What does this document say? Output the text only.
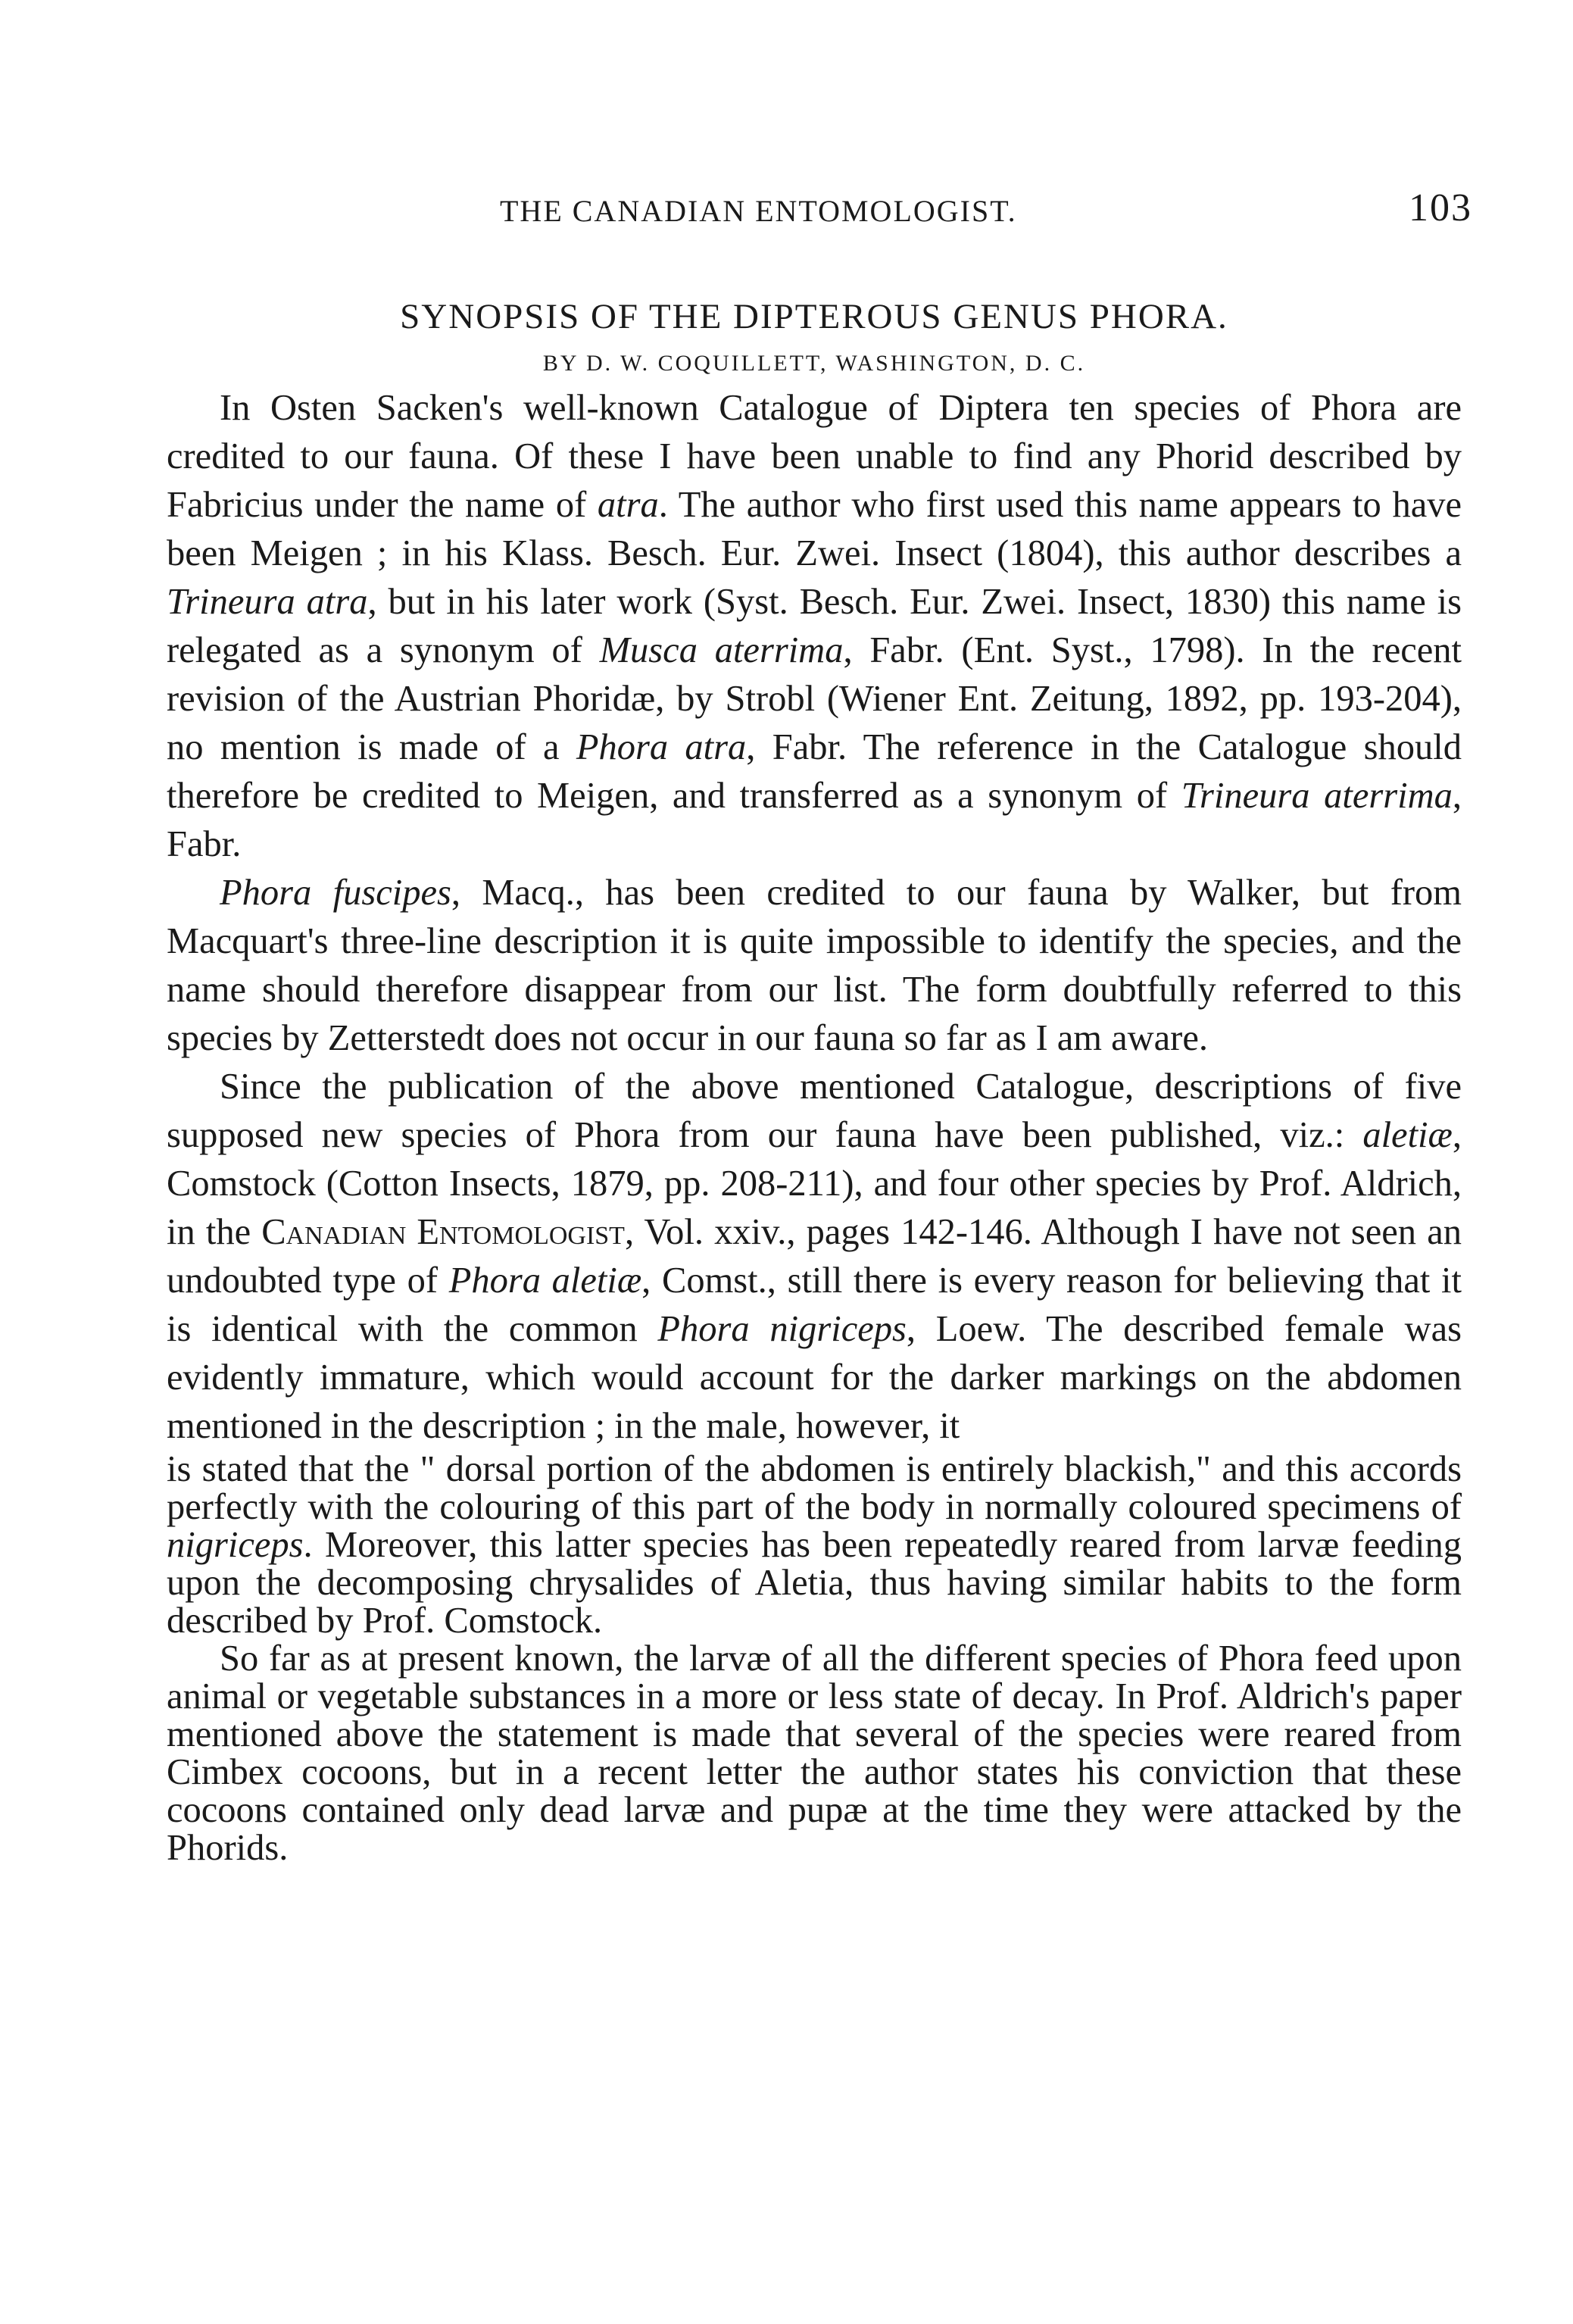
THE CANADIAN ENTOMOLOGIST.	103
SYNOPSIS OF THE DIPTEROUS GENUS PHORA.
BY D. W. COQUILLETT, WASHINGTON, D. C.

In Osten Sacken's well-known Catalogue of Diptera ten species of Phora are credited to our fauna. Of these I have been unable to find any Phorid described by Fabricius under the name of atra. The author who first used this name appears to have been Meigen ; in his Klass. Besch. Eur. Zwei. Insect (1804), this author describes a Trineura atra, but in his later work (Syst. Besch. Eur. Zwei. Insect, 1830) this name is relegated as a synonym of Musca aterrima, Fabr. (Ent. Syst., 1798). In the recent revision of the Austrian Phoridæ, by Strobl (Wiener Ent. Zeitung, 1892, pp. 193-204), no mention is made of a Phora atra, Fabr. The reference in the Catalogue should therefore be credited to Meigen, and transferred as a synonym of Trineura aterrima, Fabr.

Phora fuscipes, Macq., has been credited to our fauna by Walker, but from Macquart's three-line description it is quite impossible to identify the species, and the name should therefore disappear from our list. The form doubtfully referred to this species by Zetterstedt does not occur in our fauna so far as I am aware.

Since the publication of the above mentioned Catalogue, descriptions of five supposed new species of Phora from our fauna have been published, viz.: aletiæ, Comstock (Cotton Insects, 1879, pp. 208-211), and four other species by Prof. Aldrich, in the Canadian Entomologist, Vol. xxiv., pages 142-146. Although I have not seen an undoubted type of Phora aletiæ, Comst., still there is every reason for believing that it is identical with the common Phora nigriceps, Loew. The described female was evidently immature, which would account for the darker markings on the abdomen mentioned in the description ; in the male, however, it

is stated that the " dorsal portion of the abdomen is entirely blackish," and this accords perfectly with the colouring of this part of the body in normally coloured specimens of nigriceps. Moreover, this latter species has been repeatedly reared from larvæ feeding upon the decomposing chrysalides of Aletia, thus having similar habits to the form described by Prof. Comstock.

So far as at present known, the larvæ of all the different species of Phora feed upon animal or vegetable substances in a more or less state of decay. In Prof. Aldrich's paper mentioned above the statement is made that several of the species were reared from Cimbex cocoons, but in a recent letter the author states his conviction that these cocoons contained only dead larvæ and pupæ at the time they were attacked by the Phorids.
